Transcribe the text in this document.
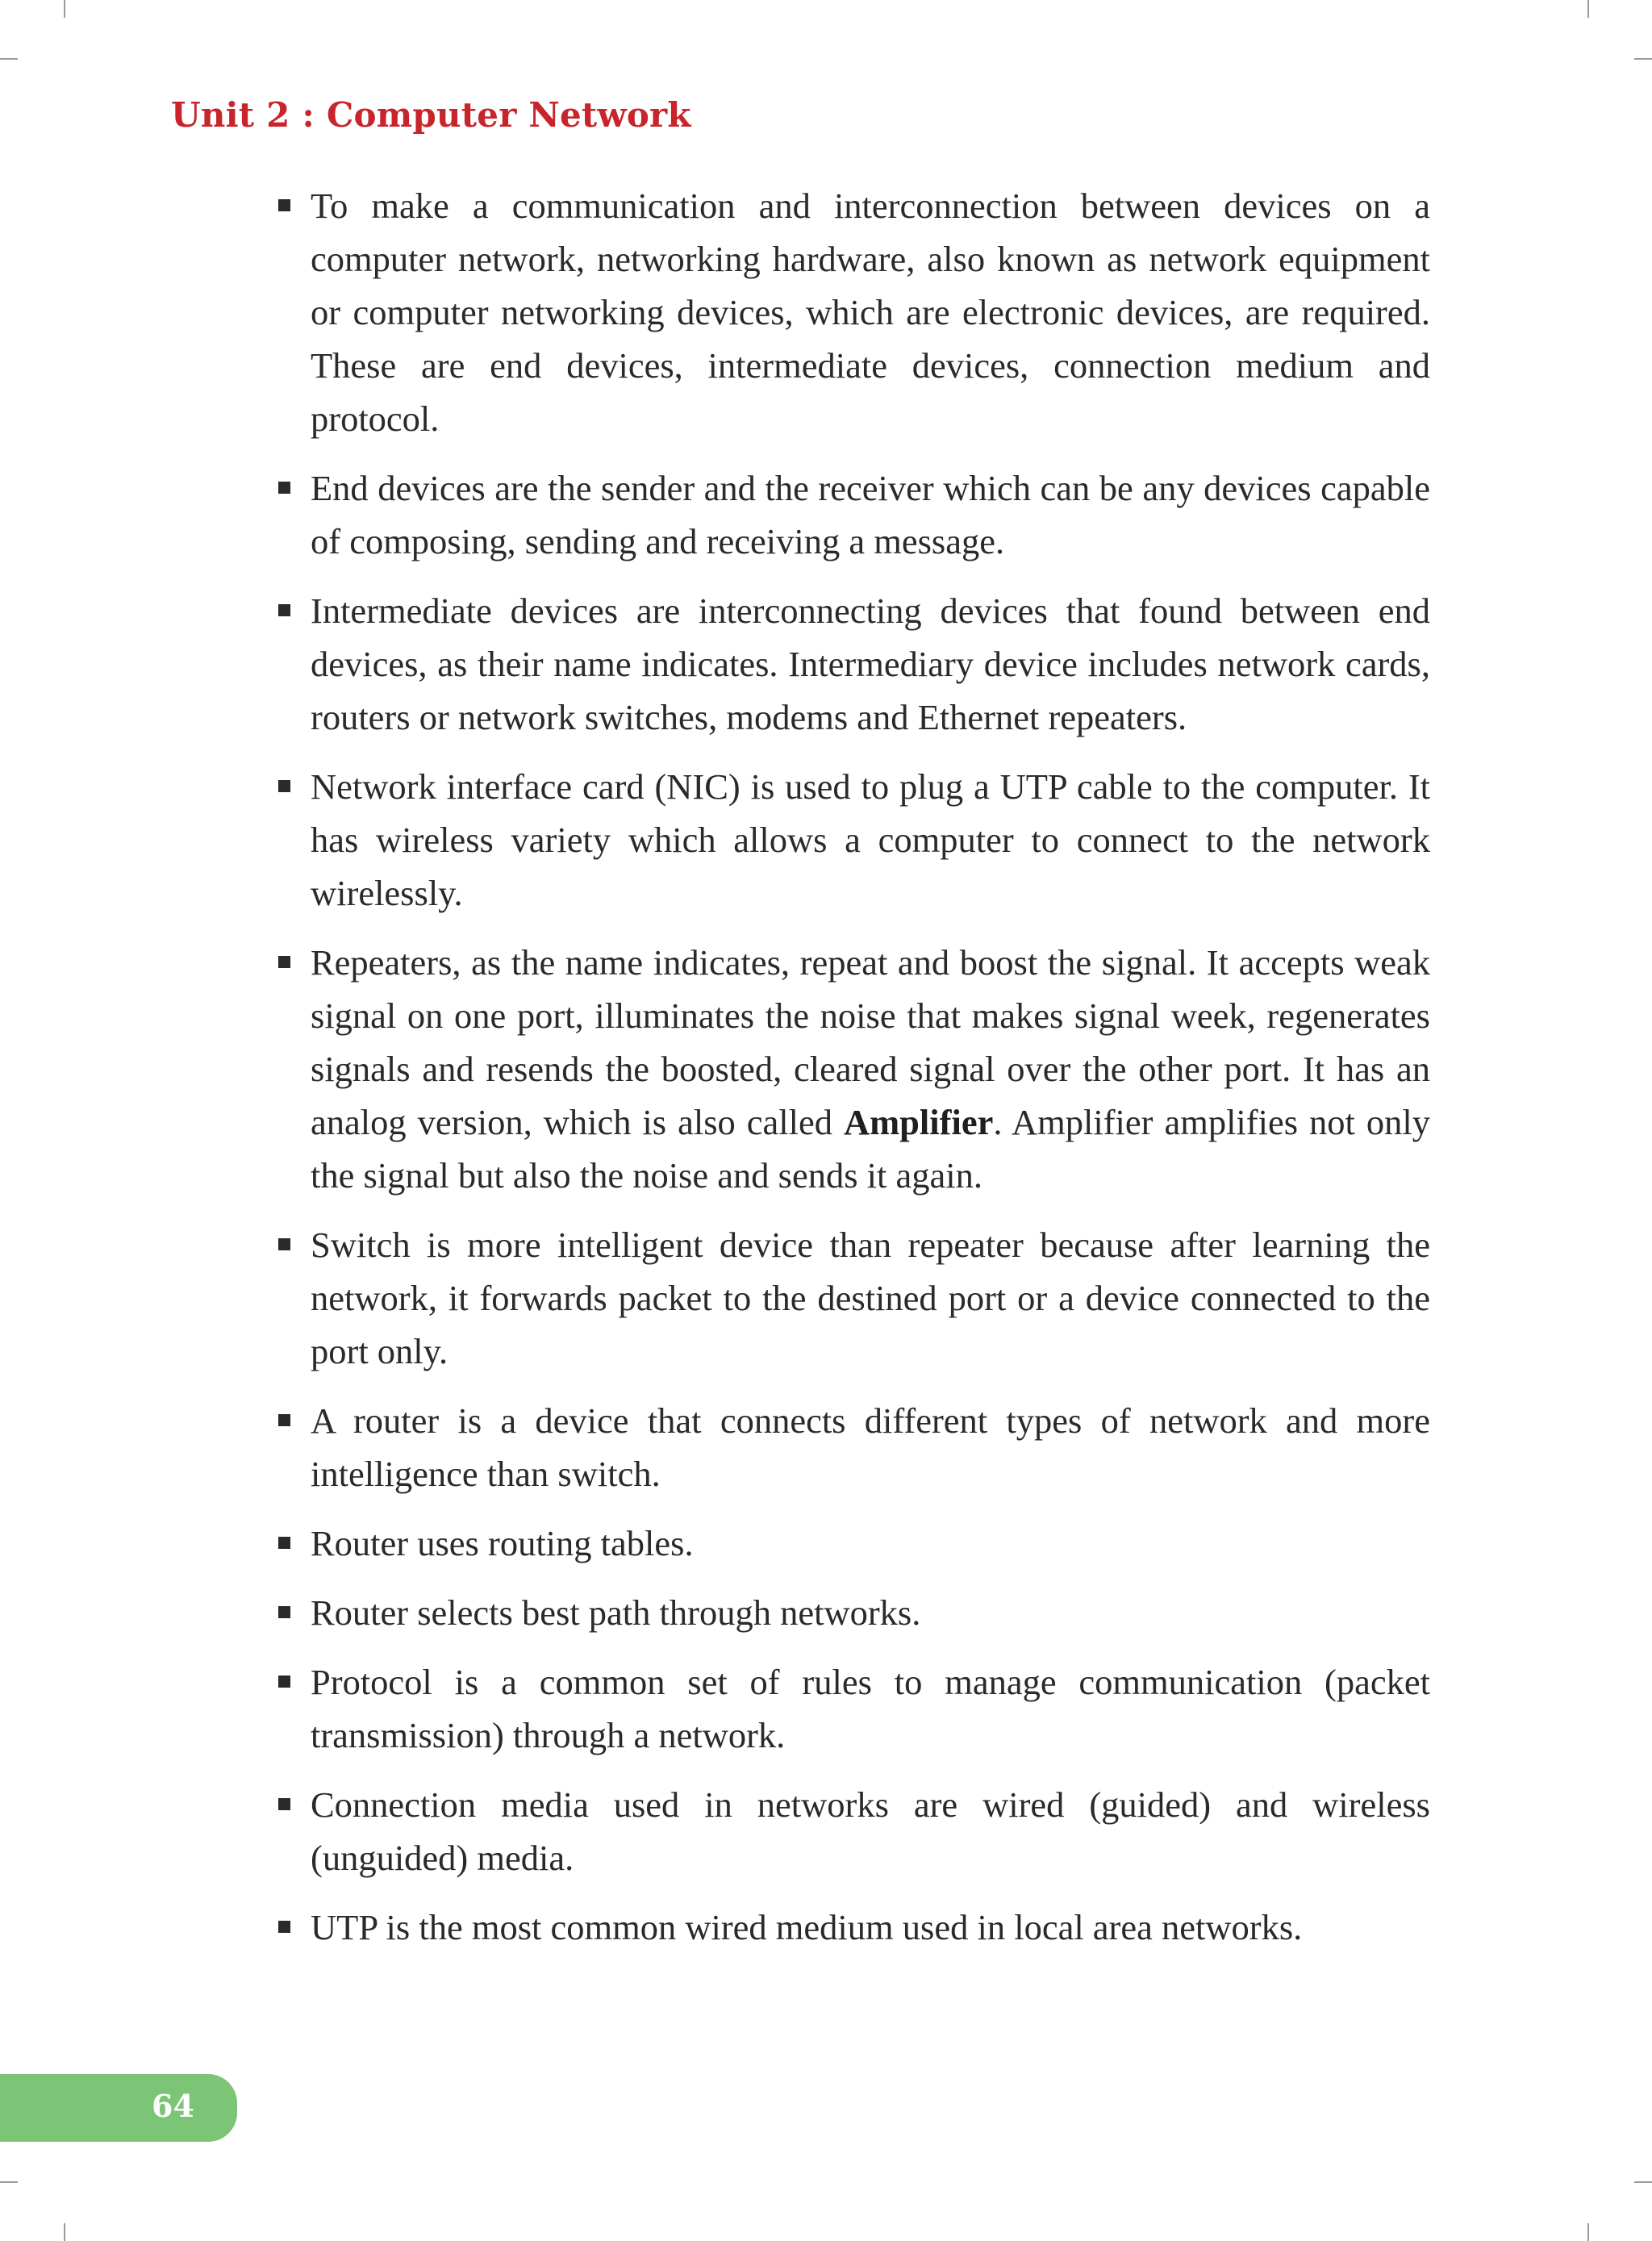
Unit 2 : Computer Network
To make a communication and interconnection between devices on a computer network, networking hardware, also known as network equipment or computer networking devices, which are electronic devices, are required. These are end devices, intermediate devices, connection medium and protocol.
End devices are the sender and the receiver which can be any devices capable of composing, sending and receiving a message.
Intermediate devices are interconnecting devices that found between end devices, as their name indicates. Intermediary device includes network cards, routers or network switches, modems and Ethernet repeaters.
Network interface card (NIC) is used to plug a UTP cable to the computer. It has wireless variety which allows a computer to connect to the network wirelessly.
Repeaters, as the name indicates, repeat and boost the signal. It accepts weak signal on one port, illuminates the noise that makes signal week, regenerates signals and resends the boosted, cleared signal over the other port. It has an analog version, which is also called Amplifier. Amplifier amplifies not only the signal but also the noise and sends it again.
Switch is more intelligent device than repeater because after learning the network, it forwards packet to the destined port or a device connected to the port only.
A router is a device that connects different types of network and more intelligence than switch.
Router uses routing tables.
Router selects best path through networks.
Protocol is a common set of rules to manage communication (packet transmission) through a network.
Connection media used in networks are wired (guided) and wireless (unguided) media.
UTP is the most common wired medium used in local area networks.
64
